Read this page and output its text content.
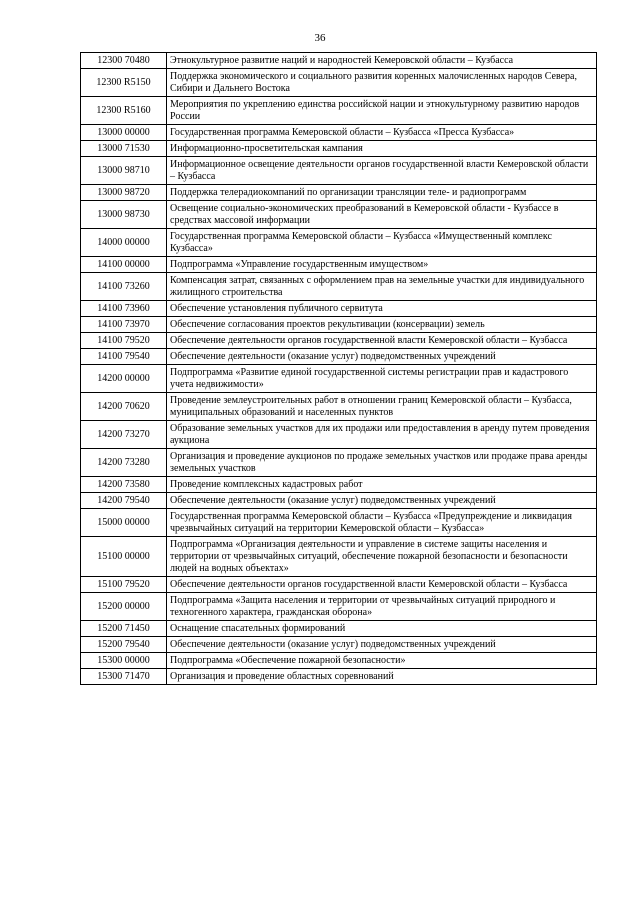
36
12300 70480	Этнокультурное развитие наций и народностей Кемеровской области – Кузбасса
12300 R5150	Поддержка экономического и социального развития коренных малочисленных народов Севера, Сибири и Дальнего Востока
12300 R5160	Мероприятия по укреплению единства российской нации и этнокультурному развитию народов России
13000 00000	Государственная программа Кемеровской области – Кузбасса «Пресса Кузбасса»
13000 71530	Информационно-просветительская кампания
13000 98710	Информационное освещение деятельности органов государственной власти Кемеровской области – Кузбасса
13000 98720	Поддержка телерадиокомпаний по организации трансляции теле- и радиопрограмм
13000 98730	Освещение социально-экономических преобразований в Кемеровской области - Кузбассе в средствах массовой информации
14000 00000	Государственная программа Кемеровской области – Кузбасса «Имущественный комплекс Кузбасса»
14100 00000	Подпрограмма «Управление государственным имуществом»
14100 73260	Компенсация затрат, связанных с оформлением прав на земельные участки для индивидуального жилищного строительства
14100 73960	Обеспечение установления публичного сервитута
14100 73970	Обеспечение согласования проектов рекультивации (консервации) земель
14100 79520	Обеспечение деятельности органов государственной власти Кемеровской области – Кузбасса
14100 79540	Обеспечение деятельности (оказание услуг) подведомственных учреждений
14200 00000	Подпрограмма «Развитие единой государственной системы регистрации прав и кадастрового учета недвижимости»
14200 70620	Проведение землеустроительных работ в отношении границ Кемеровской области – Кузбасса, муниципальных образований и населенных пунктов
14200 73270	Образование земельных участков для их продажи или предоставления в аренду путем проведения аукциона
14200 73280	Организация и проведение аукционов по продаже земельных участков или продаже права аренды земельных участков
14200 73580	Проведение комплексных кадастровых работ
14200 79540	Обеспечение деятельности (оказание услуг) подведомственных учреждений
15000 00000	Государственная программа Кемеровской области – Кузбасса «Предупреждение и ликвидация чрезвычайных ситуаций на территории Кемеровской области – Кузбасса»
15100 00000	Подпрограмма «Организация деятельности и управление в системе защиты населения и территории от чрезвычайных ситуаций, обеспечение пожарной безопасности и безопасности людей на водных объектах»
15100 79520	Обеспечение деятельности органов государственной власти Кемеровской области – Кузбасса
15200 00000	Подпрограмма «Защита населения и территории от чрезвычайных ситуаций природного и техногенного характера, гражданская оборона»
15200 71450	Оснащение спасательных формирований
15200 79540	Обеспечение деятельности (оказание услуг) подведомственных учреждений
15300 00000	Подпрограмма «Обеспечение пожарной безопасности»
15300 71470	Организация и проведение областных соревнований
